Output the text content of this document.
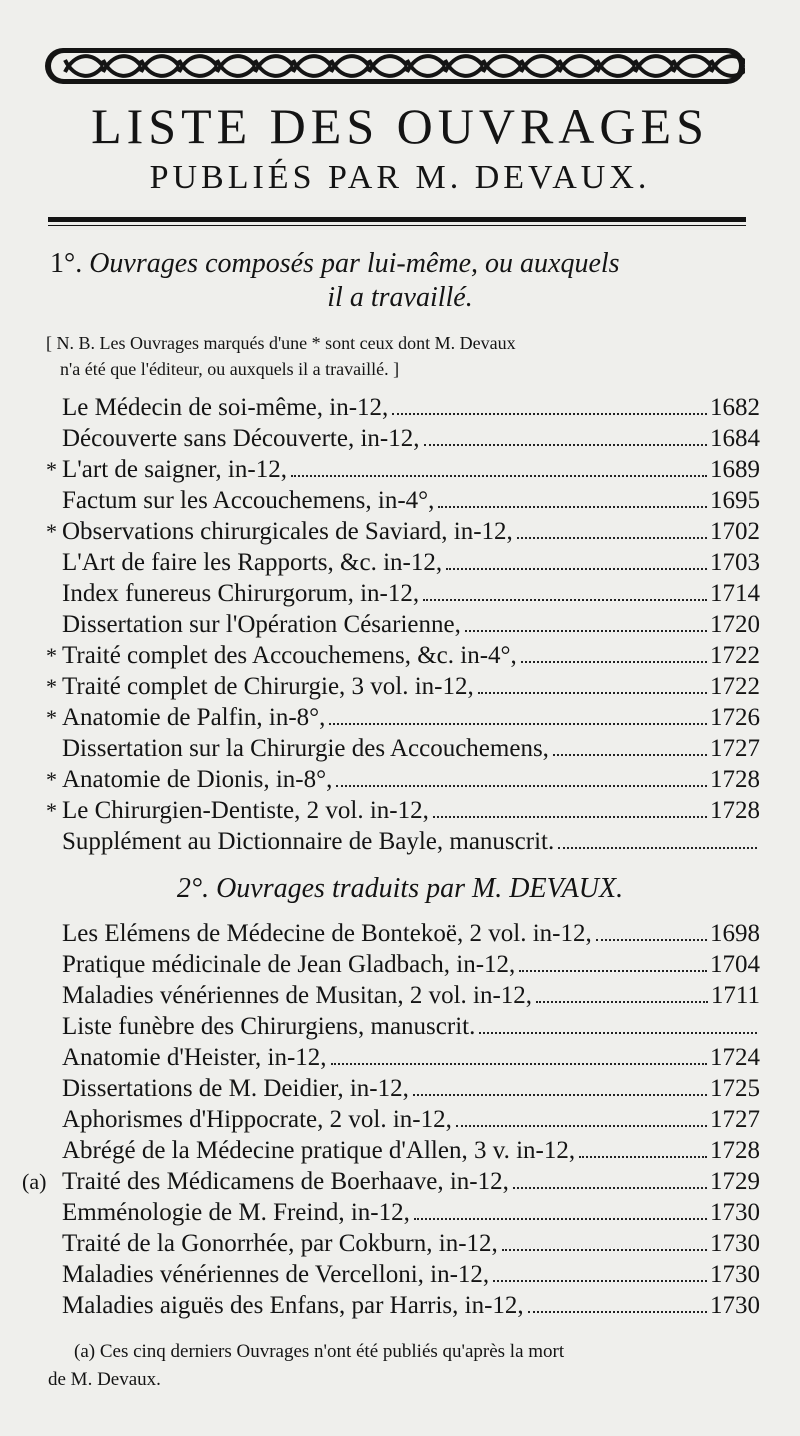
LISTE DES OUVRAGES
PUBLIÉS PAR M. DEVAUX.
1°. Ouvrages composés par lui-même, ou auxquels
il a travaillé.
[ N. B. Les Ouvrages marqués d'une * sont ceux dont M. Devaux
n'a été que l'éditeur, ou auxquels il a travaillé. ]
Le Médecin de soi-même, in-12,	1682
Découverte sans Découverte, in-12,	1684
* L'art de saigner, in-12,	1689
Factum sur les Accouchemens, in-4°,	1695
* Observations chirurgicales de Saviard, in-12,	1702
L'Art de faire les Rapports, &c. in-12,	1703
Index funereus Chirurgorum, in-12,	1714
Dissertation sur l'Opération Césarienne,	1720
* Traité complet des Accouchemens, &c. in-4°,	1722
* Traité complet de Chirurgie, 3 vol. in-12,	1722
* Anatomie de Palfin, in-8°,	1726
Dissertation sur la Chirurgie des Accouchemens,	1727
* Anatomie de Dionis, in-8°,	1728
* Le Chirurgien-Dentiste, 2 vol. in-12,	1728
Supplément au Dictionnaire de Bayle, manuscrit.
2°. Ouvrages traduits par M. DEVAUX.
Les Elémens de Médecine de Bontekoë, 2 vol. in-12,	1698
Pratique médicinale de Jean Gladbach, in-12,	1704
Maladies vénériennes de Musitan, 2 vol. in-12,	1711
Liste funèbre des Chirurgiens, manuscrit.
Anatomie d'Heister, in-12,	1724
Dissertations de M. Deidier, in-12,	1725
Aphorismes d'Hippocrate, 2 vol. in-12,	1727
Abrégé de la Médecine pratique d'Allen, 3 v. in-12,	1728
(a) Traité des Médicamens de Boerhaave, in-12,	1729
Emménologie de M. Freind, in-12,	1730
Traité de la Gonorrhée, par Cokburn, in-12,	1730
Maladies vénériennes de Vercelloni, in-12,	1730
Maladies aiguës des Enfans, par Harris, in-12,	1730
(a) Ces cinq derniers Ouvrages n'ont été publiés qu'après la mort
de M. Devaux.
